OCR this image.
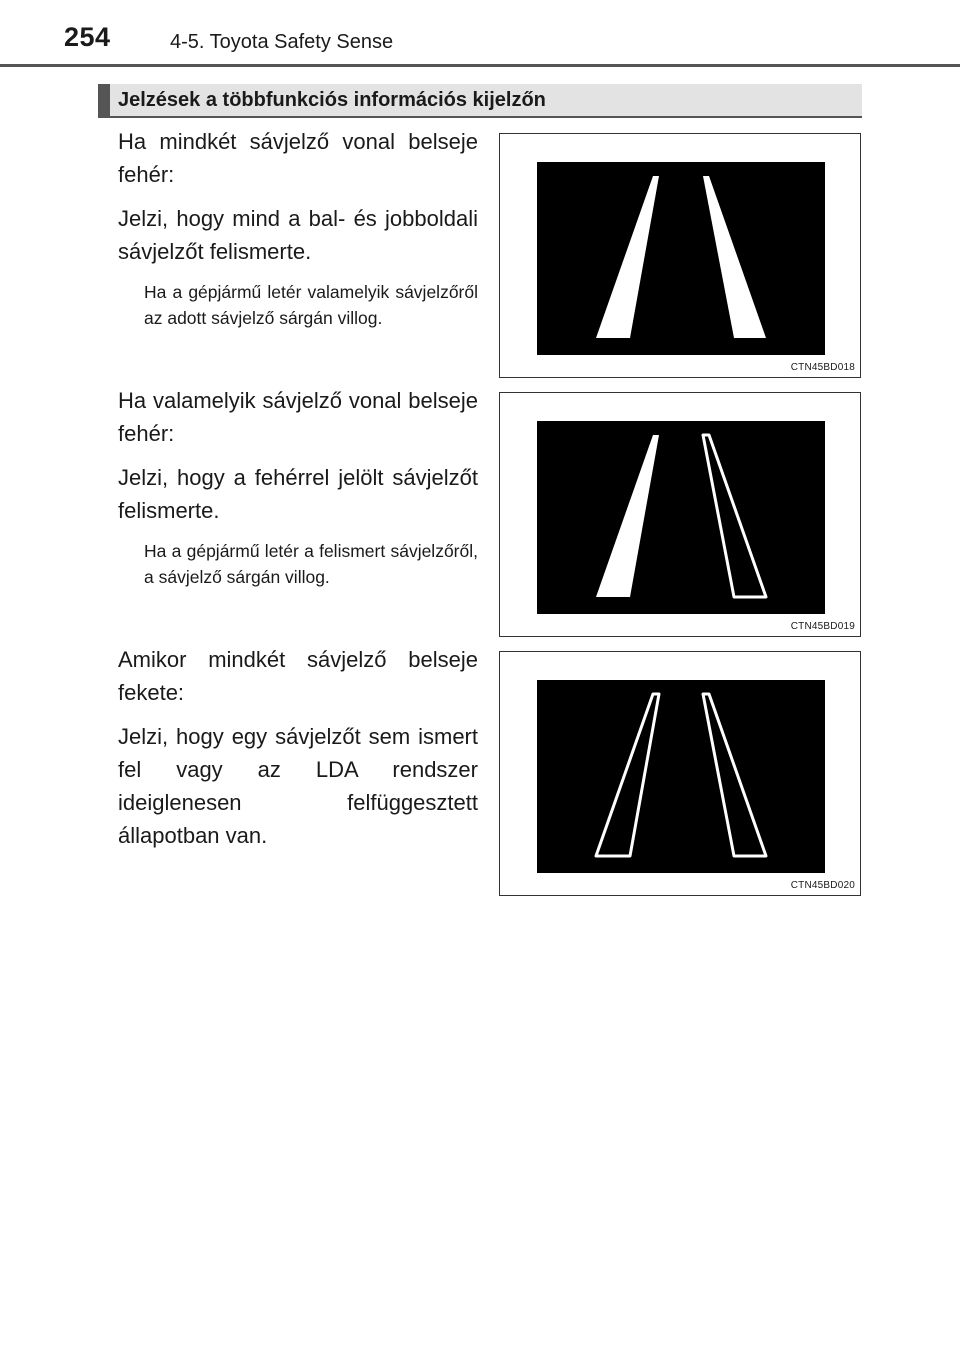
254	4-5. Toyota Safety Sense
Jelzések a többfunkciós információs kijelzőn

Ha mindkét sávjelző vonal belseje fehér:

Jelzi, hogy mind a bal- és jobboldali sávjelzőt felismerte.

Ha a gépjármű letér valamelyik sávjelzőről az adott sávjelző sárgán villog.

CTN45BD018

Ha valamelyik sávjelző vonal belseje fehér:

Jelzi, hogy a fehérrel jelölt sávjelzőt felismerte.

Ha a gépjármű letér a felismert sávjelzőről, a sávjelző sárgán villog.

CTN45BD019

Amikor mindkét sávjelző belseje fekete:

Jelzi, hogy egy sávjelzőt sem ismert fel vagy az LDA rendszer ideiglenesen felfüggesztett állapotban van.

CTN45BD020
